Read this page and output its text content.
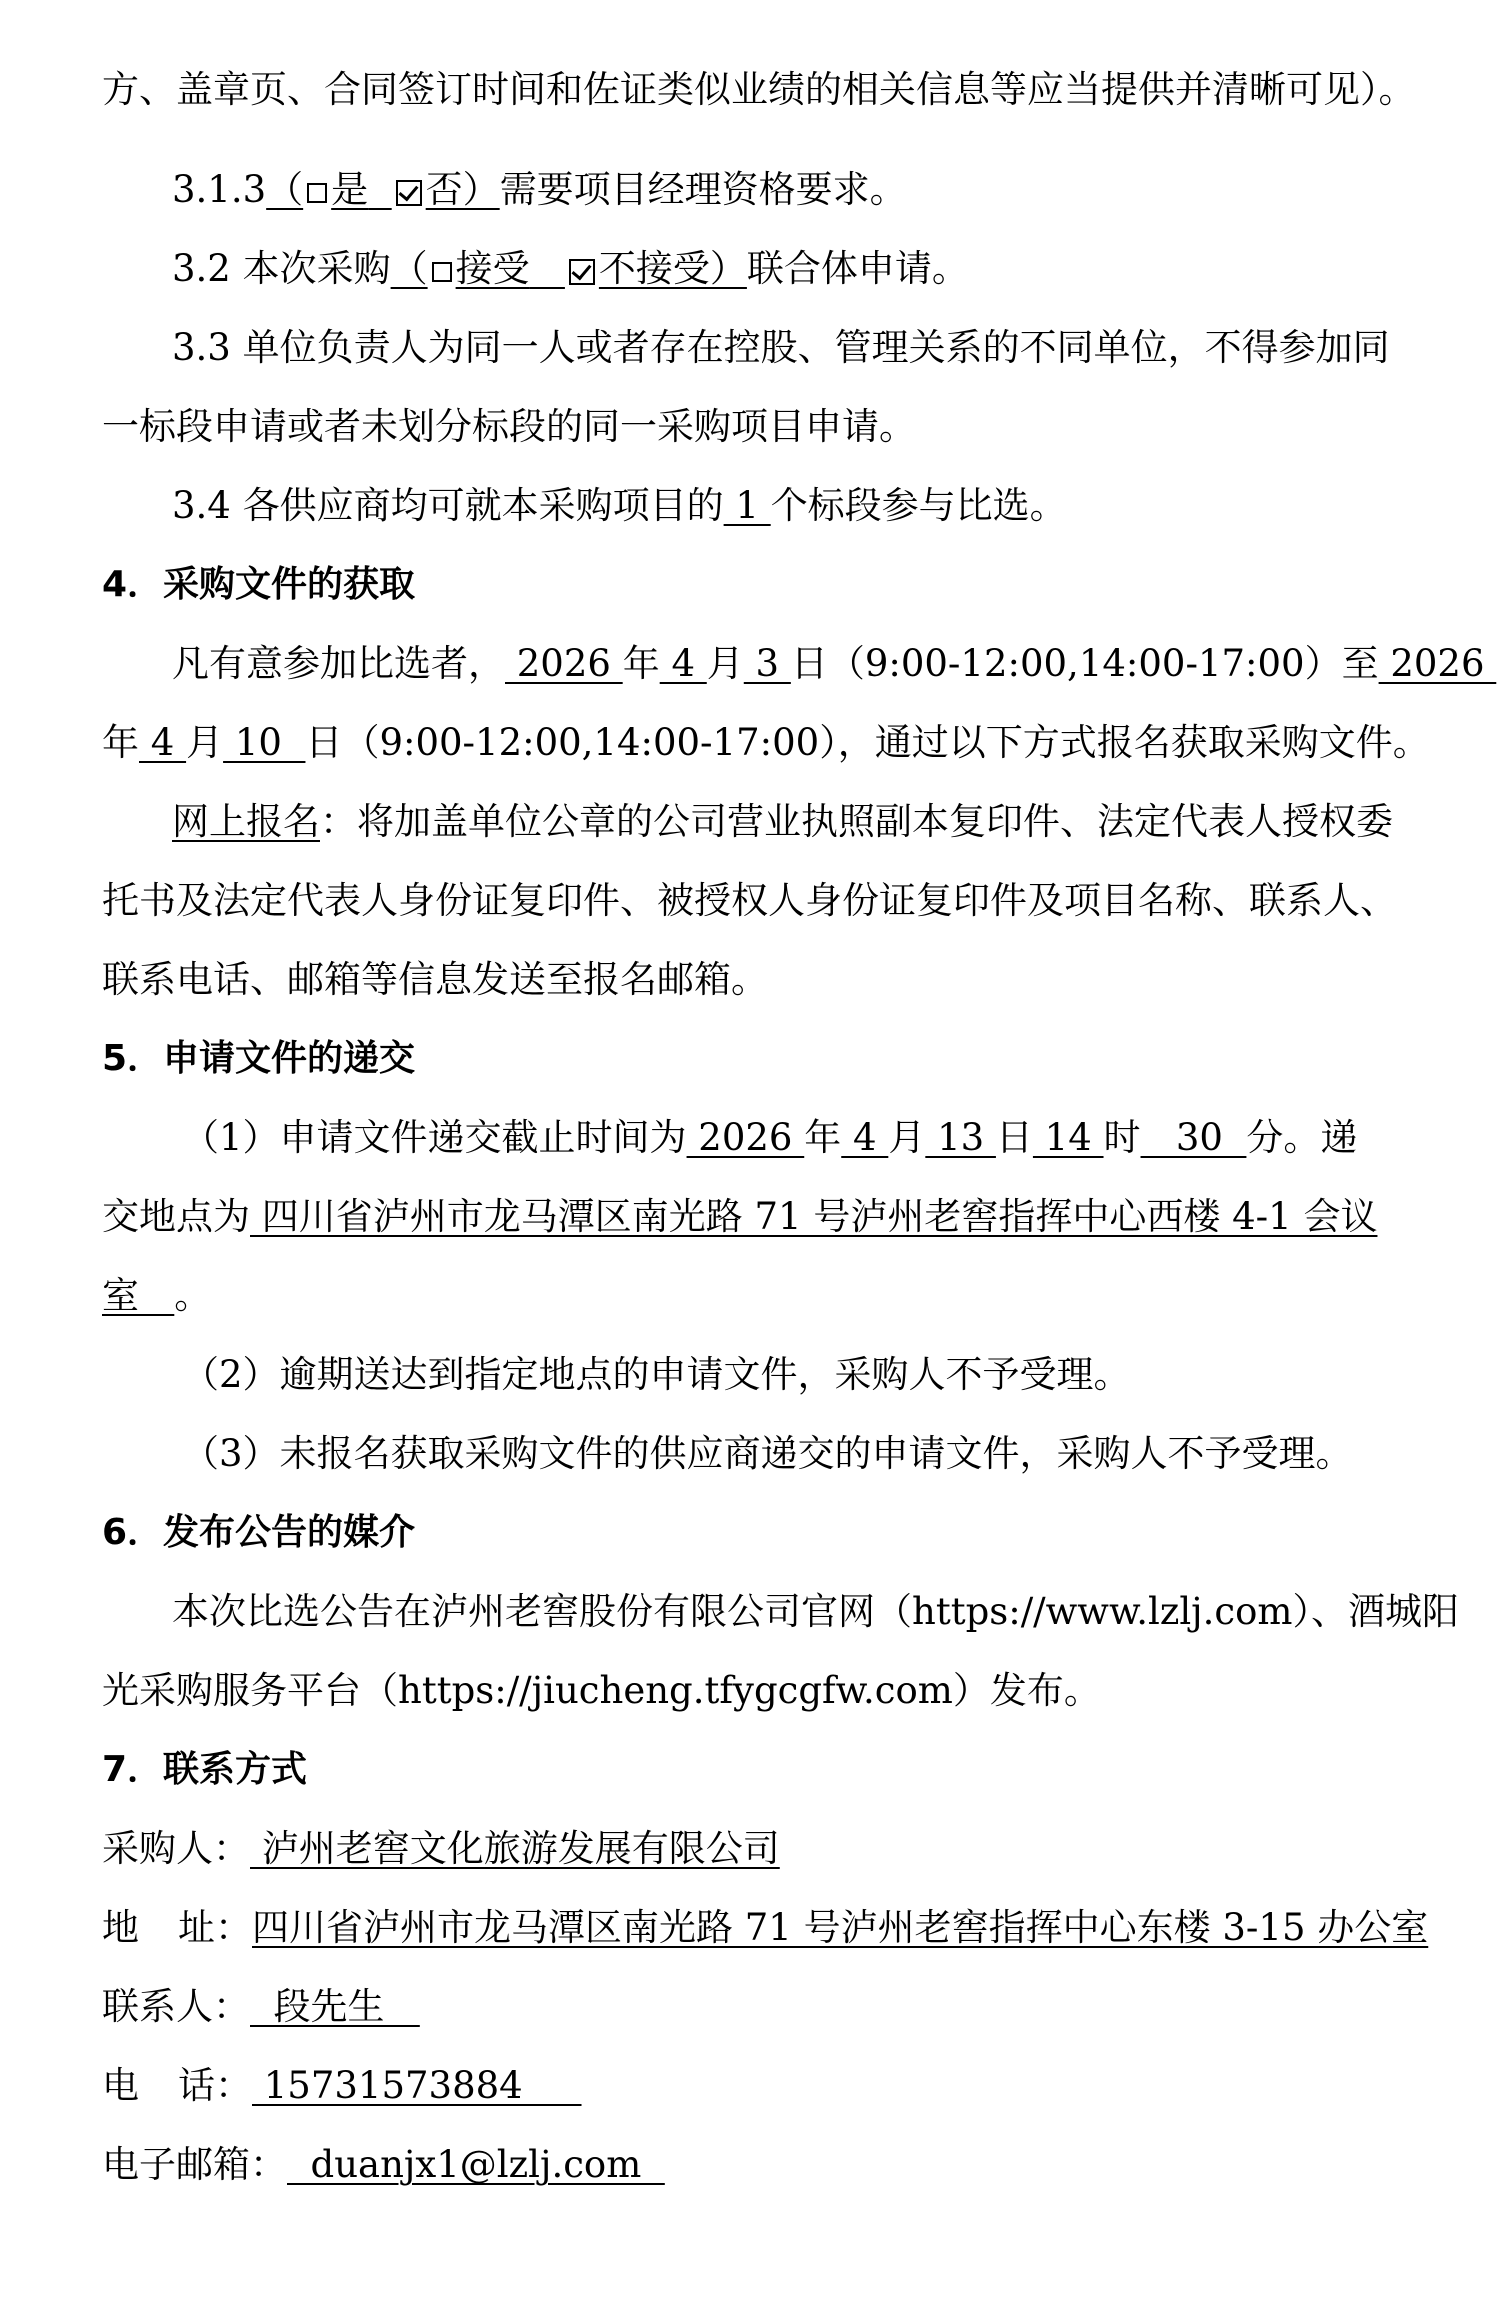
方、盖章页、合同签订时间和佐证类似业绩的相关信息等应当提供并清晰可见）。
3.1.3（ 是 否）需要项目经理资格要求。
3.2 本次采购（ 接受 不接受）联合体申请。
3.3 单位负责人为同一人或者存在控股、管理关系的不同单位，不得参加同
一标段申请或者未划分标段的同一采购项目申请。
3.4 各供应商均可就本采购项目的 1 个标段参与比选。
4．采购文件的获取
凡有意参加比选者， 2026 年 4 月 3 日（9:00-12:00,14:00-17:00）至 2026
年 4 月 10  日（9:00-12:00,14:00-17:00），通过以下方式报名获取采购文件。
网上报名：将加盖单位公章的公司营业执照副本复印件、法定代表人授权委
托书及法定代表人身份证复印件、被授权人身份证复印件及项目名称、联系人、
联系电话、邮箱等信息发送至报名邮箱。
5．申请文件的递交
（1）申请文件递交截止时间为 2026 年 4 月 13 日 14 时   30  分。递
交地点为 四川省泸州市龙马潭区南光路 71 号泸州老窖指挥中心西楼 4-1 会议
室   。
（2）逾期送达到指定地点的申请文件，采购人不予受理。
（3）未报名获取采购文件的供应商递交的申请文件，采购人不予受理。
6．发布公告的媒介
本次比选公告在泸州老窖股份有限公司官网（https://www.lzlj.com）、酒城阳
光采购服务平台（https://jiucheng.tfygcgfw.com）发布。
7．联系方式
采购人： 泸州老窖文化旅游发展有限公司
地 址：四川省泸州市龙马潭区南光路 71 号泸州老窖指挥中心东楼 3-15 办公室
联系人：  段先生
电 话： 15731573884
电子邮箱：  duanjx1@lzlj.com
